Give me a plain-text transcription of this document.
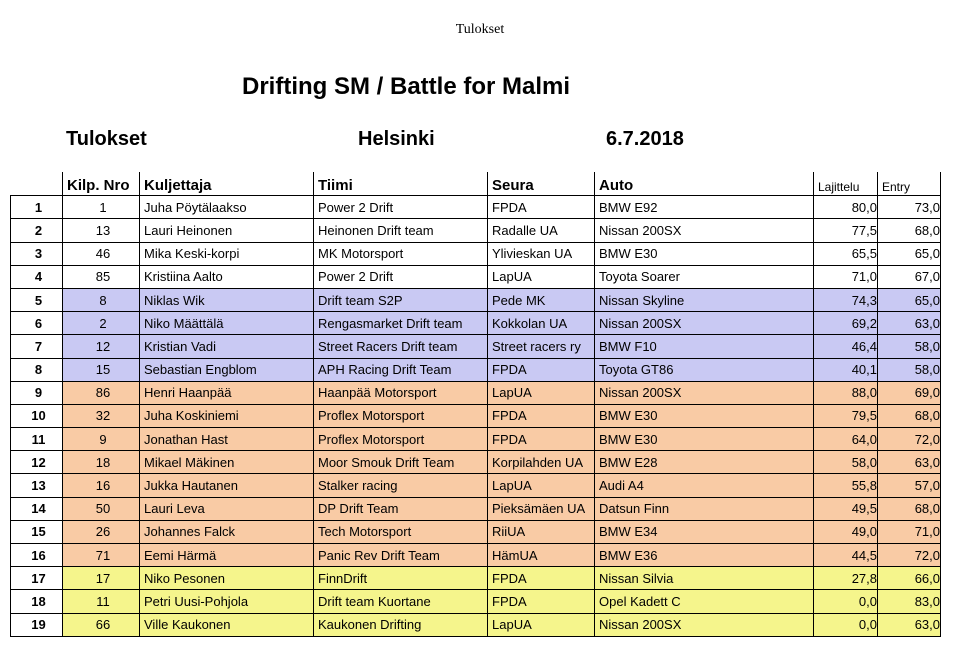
Tulokset
Drifting SM / Battle for Malmi
Tulokset	Helsinki	6.7.2018
	Kilp. Nro	Kuljettaja	Tiimi	Seura	Auto	Lajittelu	Entry
1	1	Juha Pöytälaakso	Power 2 Drift	FPDA	BMW E92	80,0	73,0
2	13	Lauri Heinonen	Heinonen Drift team	Radalle UA	Nissan 200SX	77,5	68,0
3	46	Mika Keski-korpi	MK Motorsport	Ylivieskan UA	BMW E30	65,5	65,0
4	85	Kristiina Aalto	Power 2 Drift	LapUA	Toyota Soarer	71,0	67,0
5	8	Niklas Wik	Drift team S2P	Pede MK	Nissan Skyline	74,3	65,0
6	2	Niko Määttälä	Rengasmarket Drift team	Kokkolan UA	Nissan 200SX	69,2	63,0
7	12	Kristian Vadi	Street Racers Drift team	Street racers ry	BMW F10	46,4	58,0
8	15	Sebastian Engblom	APH Racing Drift Team	FPDA	Toyota GT86	40,1	58,0
9	86	Henri Haanpää	Haanpää Motorsport	LapUA	Nissan 200SX	88,0	69,0
10	32	Juha Koskiniemi	Proflex Motorsport	FPDA	BMW E30	79,5	68,0
11	9	Jonathan Hast	Proflex Motorsport	FPDA	BMW E30	64,0	72,0
12	18	Mikael Mäkinen	Moor Smouk Drift Team	Korpilahden UA	BMW E28	58,0	63,0
13	16	Jukka Hautanen	Stalker racing	LapUA	Audi A4	55,8	57,0
14	50	Lauri Leva	DP Drift Team	Pieksämäen UA	Datsun Finn	49,5	68,0
15	26	Johannes Falck	Tech Motorsport	RiiUA	BMW E34	49,0	71,0
16	71	Eemi Härmä	Panic Rev Drift Team	HämUA	BMW E36	44,5	72,0
17	17	Niko Pesonen	FinnDrift	FPDA	Nissan Silvia	27,8	66,0
18	11	Petri Uusi-Pohjola	Drift team Kuortane	FPDA	Opel Kadett C	0,0	83,0
19	66	Ville Kaukonen	Kaukonen Drifting	LapUA	Nissan 200SX	0,0	63,0
